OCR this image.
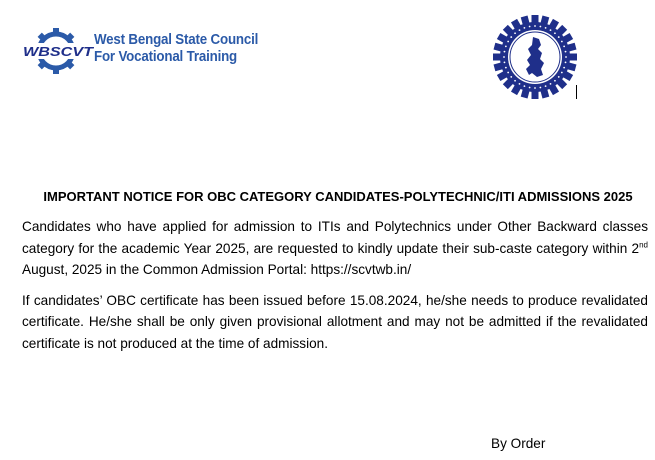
WBSCVT
West Bengal State Council
For Vocational Training
IMPORTANT NOTICE FOR OBC CATEGORY CANDIDATES-POLYTECHNIC/ITI ADMISSIONS 2025

Candidates who have applied for admission to ITIs and Polytechnics under Other Backward classes category for the academic Year 2025, are requested to kindly update their sub-caste category within 2nd August, 2025 in the Common Admission Portal: https://scvtwb.in/

If candidates’ OBC certificate has been issued before 15.08.2024, he/she needs to produce revalidated certificate. He/she shall be only given provisional allotment and may not be admitted if the revalidated certificate is not produced at the time of admission.

By Order
